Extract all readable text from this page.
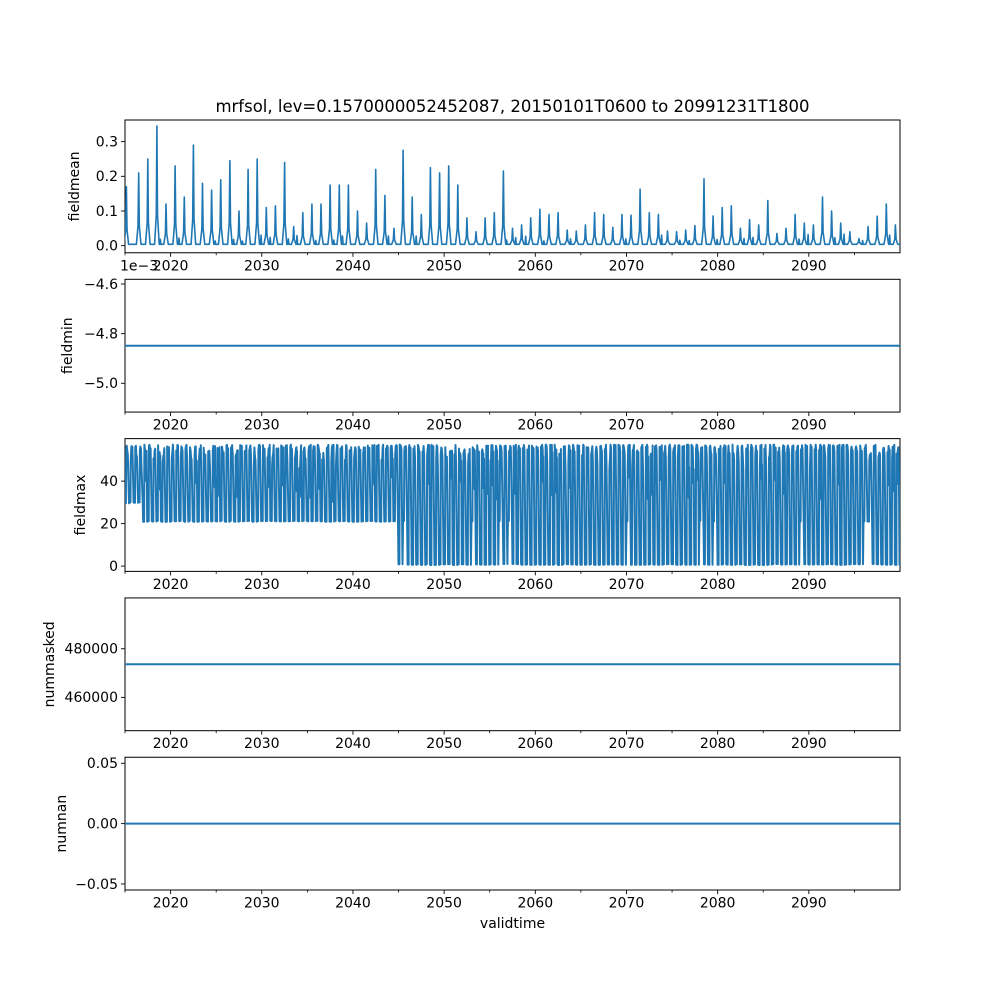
2020	2030	2040	2050	2060	2070	2080	2090
0.0
0.1
0.2
0.3
fieldmean
2020	2030	2040	2050	2060	2070	2080	2090
−4.6
−4.8
−5.0
fieldmin
1e−3
2020	2030	2040	2050	2060	2070	2080	2090
0
20
40
fieldmax
2020	2030	2040	2050	2060	2070	2080	2090
460000
480000
nummasked
2020	2030	2040	2050	2060	2070	2080	2090
0.05
0.00
−0.05
numnan
mrfsol, lev=0.1570000052452087, 20150101T0600 to 20991231T1800
validtime
